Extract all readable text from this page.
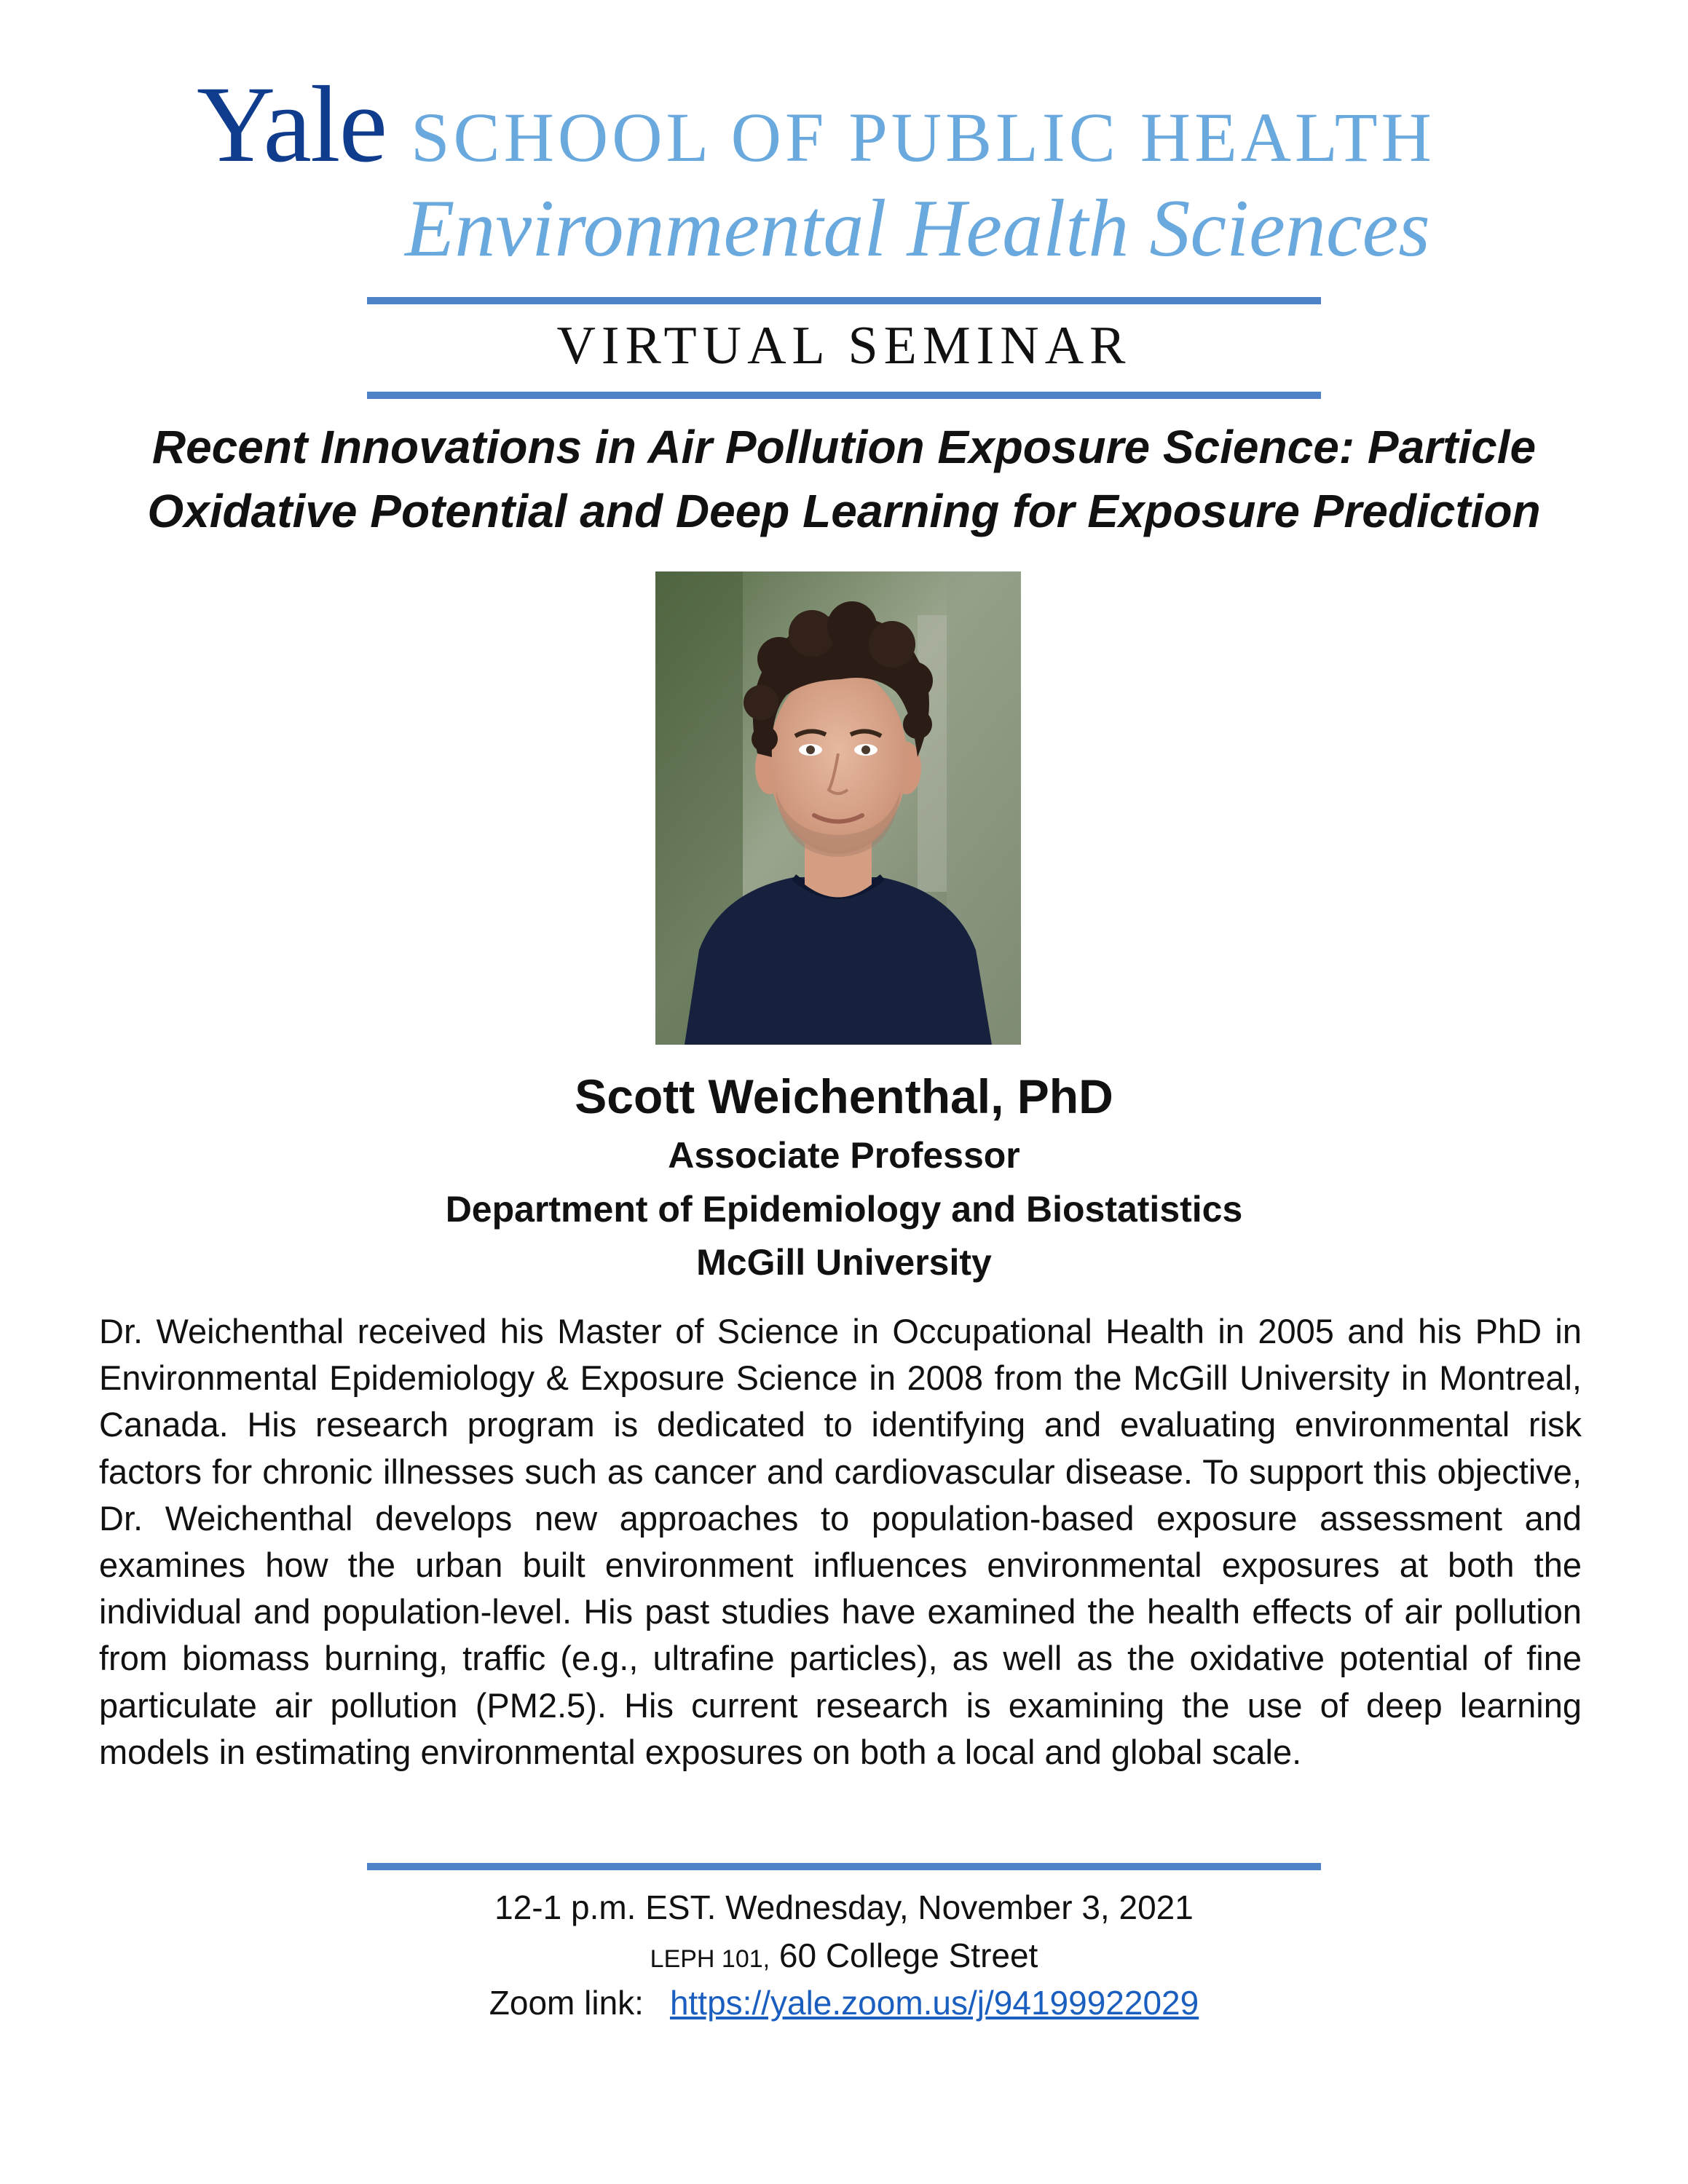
Yale SCHOOL OF PUBLIC HEALTH
Environmental Health Sciences
VIRTUAL SEMINAR
Recent Innovations in Air Pollution Exposure Science: Particle Oxidative Potential and Deep Learning for Exposure Prediction
Scott Weichenthal, PhD
Associate Professor
Department of Epidemiology and Biostatistics
McGill University
Dr. Weichenthal received his Master of Science in Occupational Health in 2005 and his PhD in Environmental Epidemiology & Exposure Science in 2008 from the McGill University in Montreal, Canada. His research program is dedicated to identifying and evaluating environmental risk factors for chronic illnesses such as cancer and cardiovascular disease. To support this objective, Dr. Weichenthal develops new approaches to population-based exposure assessment and examines how the urban built environment influences environmental exposures at both the individual and population-level. His past studies have examined the health effects of air pollution from biomass burning, traffic (e.g., ultrafine particles), as well as the oxidative potential of fine particulate air pollution (PM2.5). His current research is examining the use of deep learning models in estimating environmental exposures on both a local and global scale.
12-1 p.m. EST. Wednesday, November 3, 2021
LEPH 101, 60 College Street
Zoom link: https://yale.zoom.us/j/94199922029
